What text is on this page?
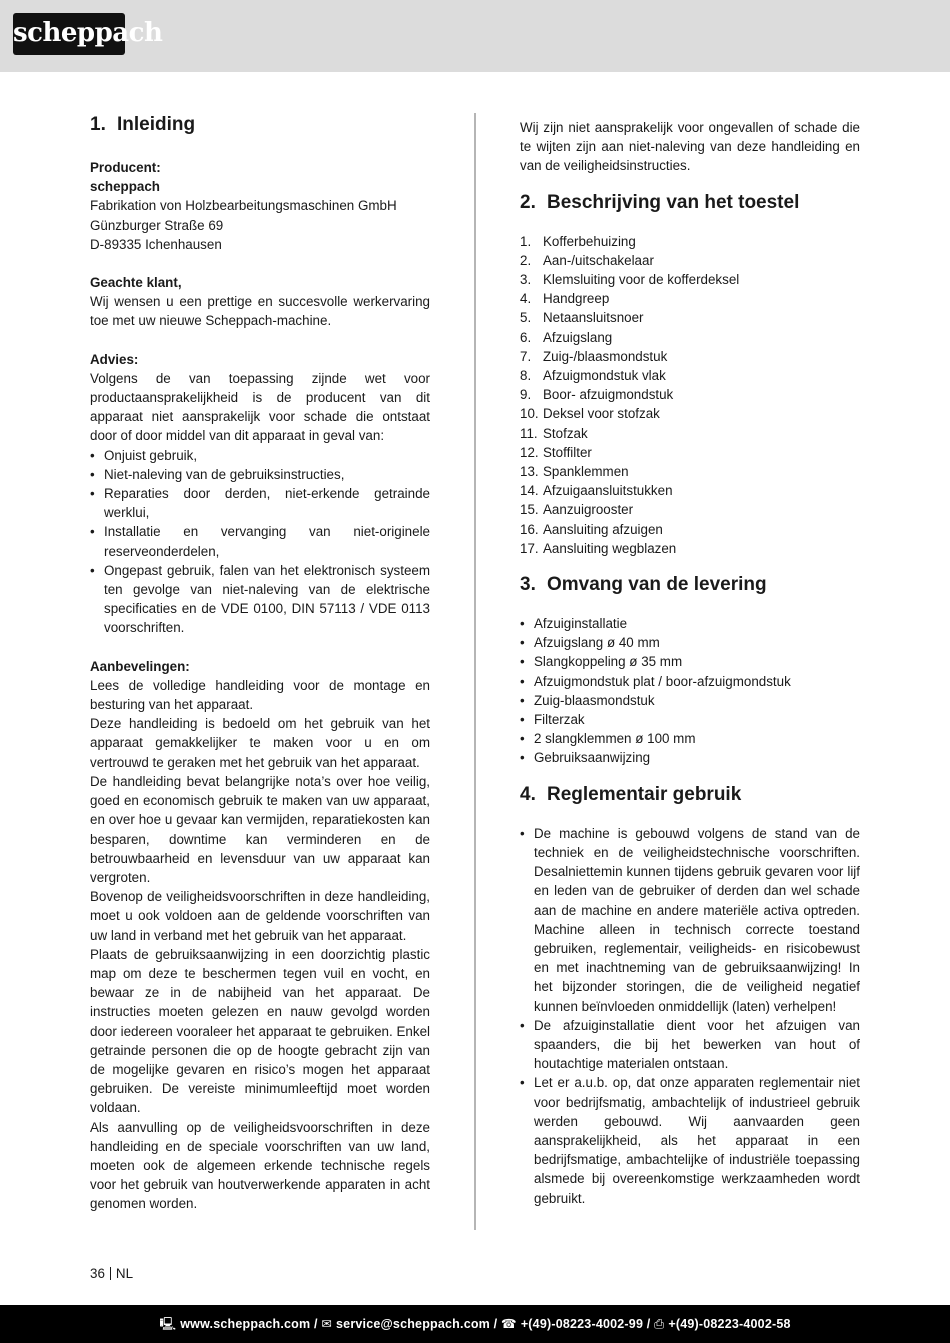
scheppach
1. Inleiding

Producent:

scheppach

Fabrikation von Holzbearbeitungsmaschinen GmbH

Günzburger Straße 69

D-89335 Ichenhausen

Geachte klant,

Wij wensen u een prettige en succesvolle werkervaring toe met uw nieuwe Scheppach-machine.

Advies:

Volgens de van toepassing zijnde wet voor productaansprakelijkheid is de producent van dit apparaat niet aansprakelijk voor schade die ontstaat door of door middel van dit apparaat in geval van:

• Onjuist gebruik,
• Niet-naleving van de gebruiksinstructies,
• Reparaties door derden, niet-erkende getrainde werklui,
• Installatie en vervanging van niet-originele reserveonderdelen,
• Ongepast gebruik, falen van het elektronisch systeem ten gevolge van niet-naleving van de elektrische specificaties en de VDE 0100, DIN 57113 / VDE 0113 voorschriften.

Aanbevelingen:

Lees de volledige handleiding voor de montage en besturing van het apparaat.

Deze handleiding is bedoeld om het gebruik van het apparaat gemakkelijker te maken voor u en om vertrouwd te geraken met het gebruik van het apparaat.

De handleiding bevat belangrijke nota’s over hoe veilig, goed en economisch gebruik te maken van uw apparaat, en over hoe u gevaar kan vermijden, reparatiekosten kan besparen, downtime kan verminderen en de betrouwbaarheid en levensduur van uw apparaat kan vergroten.

Bovenop de veiligheidsvoorschriften in deze handleiding, moet u ook voldoen aan de geldende voorschriften van uw land in verband met het gebruik van het apparaat.

Plaats de gebruiksaanwijzing in een doorzichtig plastic map om deze te beschermen tegen vuil en vocht, en bewaar ze in de nabijheid van het apparaat. De instructies moeten gelezen en nauw gevolgd worden door iedereen vooraleer het apparaat te gebruiken. Enkel getrainde personen die op de hoogte gebracht zijn van de mogelijke gevaren en risico’s mogen het apparaat gebruiken. De vereiste minimumleeftijd moet worden voldaan.

Als aanvulling op de veiligheidsvoorschriften in deze handleiding en de speciale voorschriften van uw land, moeten ook de algemeen erkende technische regels voor het gebruik van houtverwerkende apparaten in acht genomen worden.

Wij zijn niet aansprakelijk voor ongevallen of schade die te wijten zijn aan niet-naleving van deze handleiding en van de veiligheidsinstructies.

2. Beschrijving van het toestel
1. Kofferbehuizing
2. Aan-/uitschakelaar
3. Klemsluiting voor de kofferdeksel
4. Handgreep
5. Netaansluitsnoer
6. Afzuigslang
7. Zuig-/blaasmondstuk
8. Afzuigmondstuk vlak
9. Boor- afzuigmondstuk
10. Deksel voor stofzak
11. Stofzak
12. Stoffilter
13. Spanklemmen
14. Afzuigaansluitstukken
15. Aanzuigrooster
16. Aansluiting afzuigen
17. Aansluiting wegblazen
3. Omvang van de levering
• Afzuiginstallatie
• Afzuigslang ø 40 mm
• Slangkoppeling ø 35 mm
• Afzuigmondstuk plat / boor-afzuigmondstuk
• Zuig-blaasmondstuk
• Filterzak
• 2 slangklemmen ø 100 mm
• Gebruiksaanwijzing
4. Reglementair gebruik
• De machine is gebouwd volgens de stand van de techniek en de veiligheidstechnische voorschriften. Desalniettemin kunnen tijdens gebruik gevaren voor lijf en leden van de gebruiker of derden dan wel schade aan de machine en andere materiële activa optreden. Machine alleen in technisch correcte toestand gebruiken, reglementair, veiligheids- en risicobewust en met inachtneming van de gebruiksaanwijzing! In het bijzonder storingen, die de veiligheid negatief kunnen beïnvloeden onmiddellijk (laten) verhelpen!
• De afzuiginstallatie dient voor het afzuigen van spaanders, die bij het bewerken van hout of houtachtige materialen ontstaan.
• Let er a.u.b. op, dat onze apparaten reglementair niet voor bedrijfsmatig, ambachtelijk of industrieel gebruik werden gebouwd. Wij aanvaarden geen aansprakelijkheid, als het apparaat in een bedrijfsmatige, ambachtelijke of industriële toepassing alsmede bij overeenkomstige werkzaamheden wordt gebruikt.
36 NL
🖳 www.scheppach.com / ✉ service@scheppach.com / ☎ +(49)-08223-4002-99 / ⎙ +(49)-08223-4002-58
